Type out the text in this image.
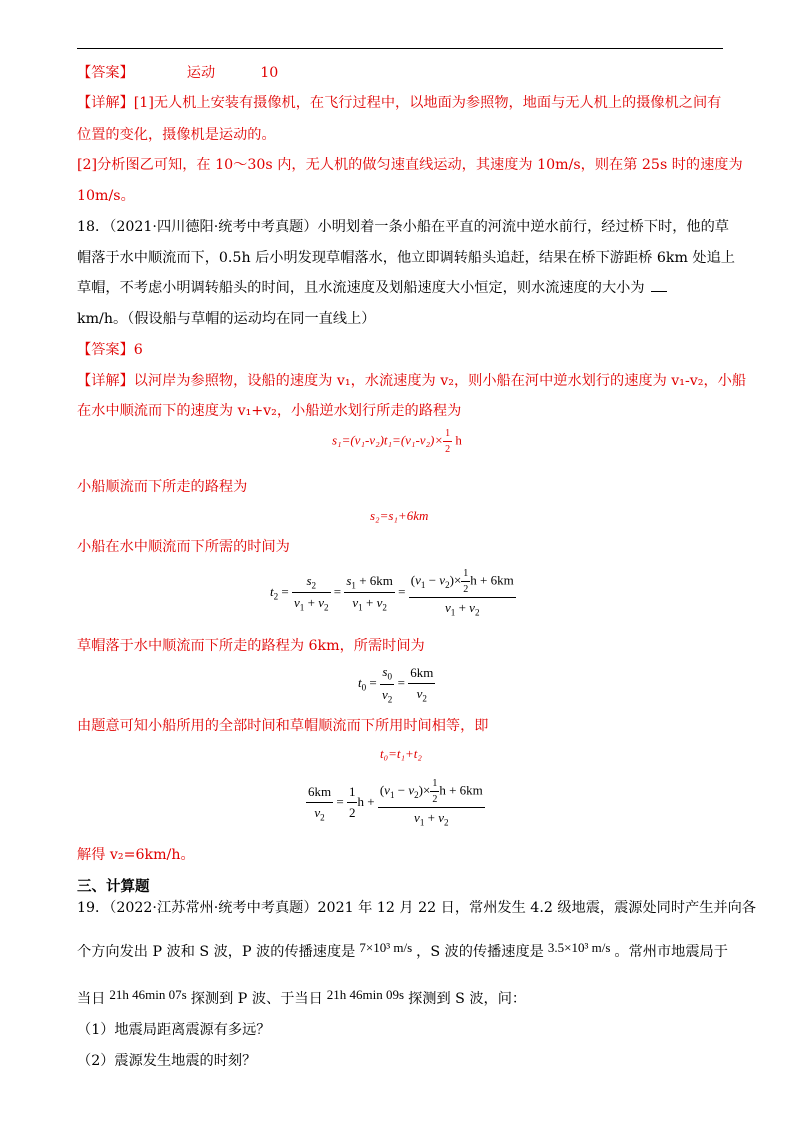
【答案】	运动	10
【详解】[1]无人机上安装有摄像机，在飞行过程中，以地面为参照物，地面与无人机上的摄像机之间有
位置的变化，摄像机是运动的。
[2]分析图乙可知，在 10～30s 内，无人机的做匀速直线运动，其速度为 10m/s，则在第 25s 时的速度为
10m/s。
18．（2021·四川德阳·统考中考真题）小明划着一条小船在平直的河流中逆水前行，经过桥下时，他的草
帽落于水中顺流而下，0.5h 后小明发现草帽落水，他立即调转船头追赶，结果在桥下游距桥 6km 处追上
草帽，不考虑小明调转船头的时间，且水流速度及划船速度大小恒定，则水流速度的大小为
km/h。（假设船与草帽的运动均在同一直线上）
【答案】6
【详解】以河岸为参照物，设船的速度为 v₁，水流速度为 v₂，则小船在河中逆水划行的速度为 v₁-v₂，小船
在水中顺流而下的速度为 v₁+v₂，小船逆水划行所走的路程为
$s_1=(v_1-v_2)t_1=(v_1-v_2)\times \frac{1}{2}$ h
小船顺流而下所走的路程为
s₂=s₁+6km
小船在水中顺流而下所需的时间为
$t_2 = \frac{s_2}{v_1 + v_2} = \frac{s_1 + 6km}{v_1 + v_2} = \frac{(v_1 - v_2)\times \frac{1}{2} h + 6km}{v_1 + v_2}$
草帽落于水中顺流而下所走的路程为 6km，所需时间为
$t_0 = \frac{s_0}{v_2} = \frac{6km}{v_2}$
由题意可知小船所用的全部时间和草帽顺流而下所用时间相等，即
t₀=t₁+t₂
$\frac{6km}{v_2} = \frac{1}{2}$ $h + \frac{(v_1 - v_2)\times \frac{1}{2} h + 6km}{v_1 + v_2}$
解得 v₂=6km/h。
三、计算题
19．（2022·江苏常州·统考中考真题）2021 年 12 月 22 日，常州发生 4.2 级地震，震源处同时产生并向各
个方向发出 P 波和 S 波，P 波的传播速度是 7×10³ m/s ，S 波的传播速度是 3.5×10³ m/s 。常州市地震局于
当日 21h 46min 07s 探测到 P 波、于当日 21h 46min 09s 探测到 S 波，问：
（1）地震局距离震源有多远？
（2）震源发生地震的时刻？
